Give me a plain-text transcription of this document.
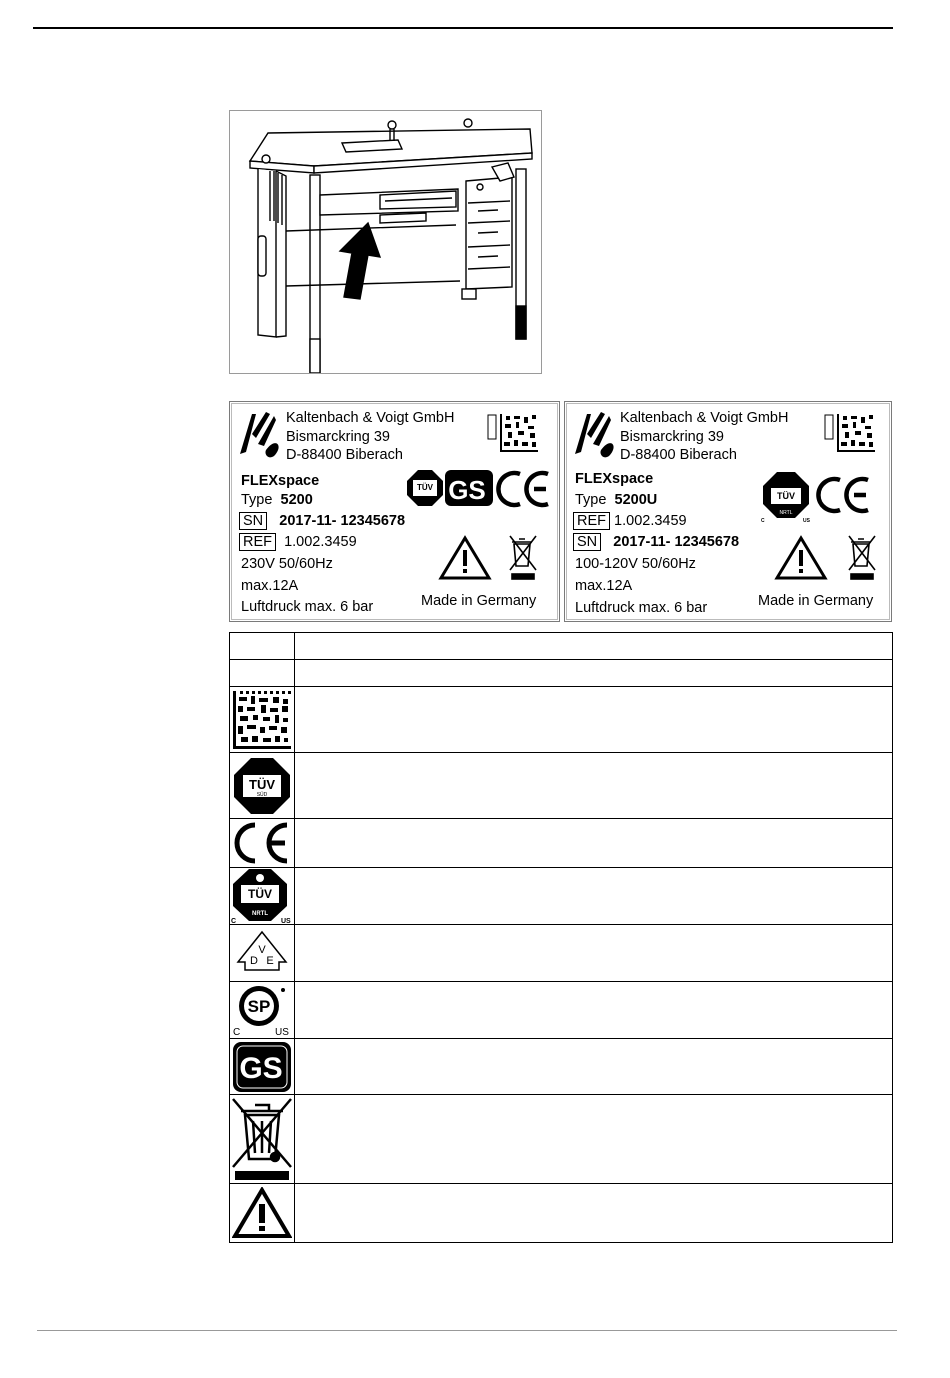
TÜV GS
Kaltenbach & Voigt GmbH
Bismarckring 39
D-88400 Biberach
FLEXspace
Type 5200
SN 2017-11- 12345678
REF 1.002.3459
230V 50/60Hz
max.12A
Luftdruck max. 6 bar	Made in Germany
TÜV
NRTL
C	US
Kaltenbach & Voigt GmbH
Bismarckring 39
D-88400 Biberach
FLEXspace
Type 5200U
REF 1.002.3459
SN 2017-11- 12345678
100-120V 50/60Hz
max.12A
Luftdruck max. 6 bar	Made in Germany

TÜV
SÜD	

TÜV
NRTL
C US	

D
V
E	

SP
C US	

GS	
